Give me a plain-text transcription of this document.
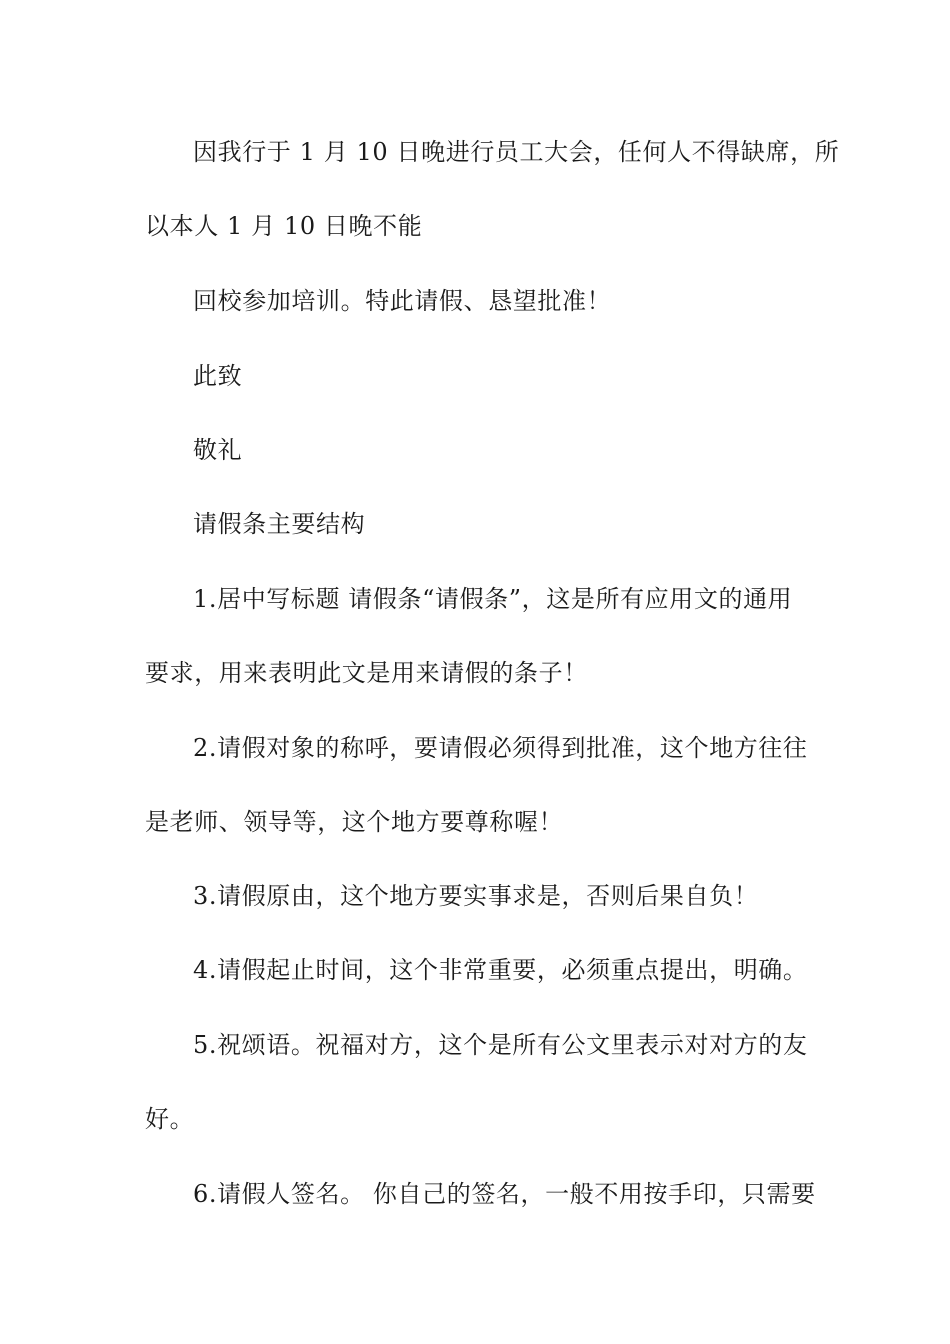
因我行于 1 月 10 日晚进行员工大会，任何人不得缺席，所
以本人 1 月 10 日晚不能
回校参加培训。特此请假、恳望批准！
此致
敬礼
请假条主要结构
1.居中写标题 请假条“请假条”，这是所有应用文的通用
要求，用来表明此文是用来请假的条子！
2.请假对象的称呼，要请假必须得到批准，这个地方往往
是老师、领导等，这个地方要尊称喔！
3.请假原由，这个地方要实事求是，否则后果自负！
4.请假起止时间，这个非常重要，必须重点提出，明确。
5.祝颂语。祝福对方，这个是所有公文里表示对对方的友
好。
6.请假人签名。 你自己的签名，一般不用按手印，只需要
